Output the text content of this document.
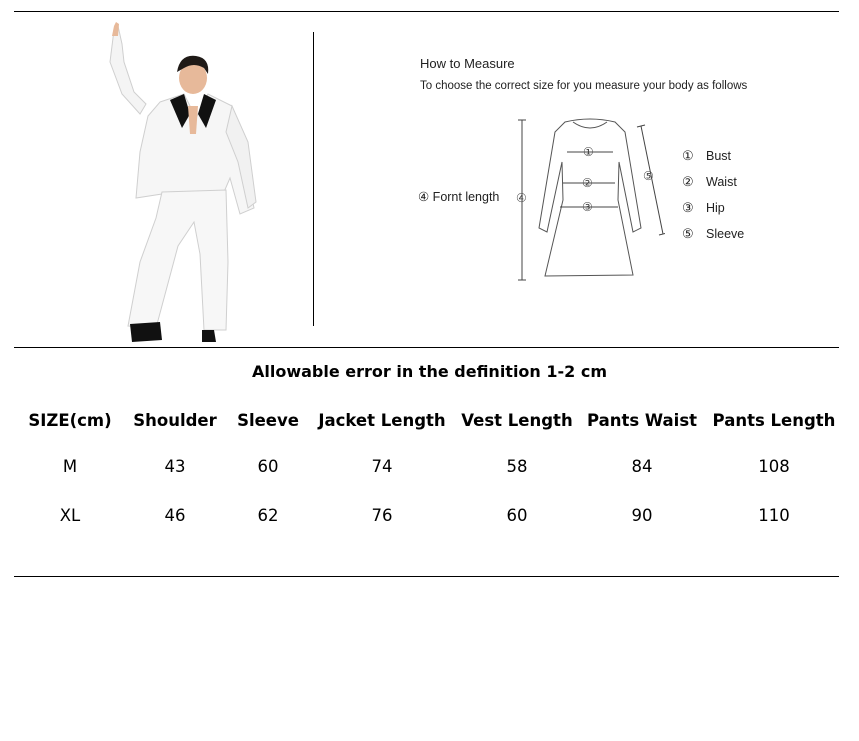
How to Measure
To choose the correct size for you measure your body as follows
④ Fornt length ④
①
②
③
⑤
① Bust
② Waist
③ Hip
⑤ Sleeve
Allowable error in the definition 1-2 cm
SIZE(cm)	Shoulder	Sleeve	Jacket Length	Vest Length	Pants Waist	Pants Length
M	43	60	74	58	84	108
XL	46	62	76	60	90	110
